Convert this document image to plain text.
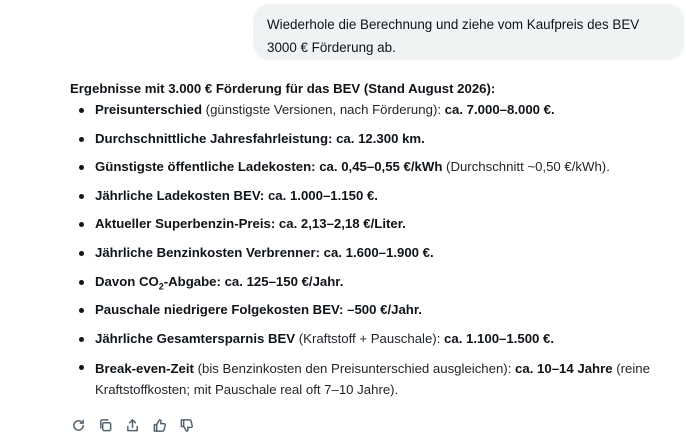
Wiederhole die Berechnung und ziehe vom Kaufpreis des BEV 3000 € Förderung ab.
Ergebnisse mit 3.000 € Förderung für das BEV (Stand August 2026):
Preisunterschied (günstigste Versionen, nach Förderung): ca. 7.000–8.000 €.
Durchschnittliche Jahresfahrleistung: ca. 12.300 km.
Günstigste öffentliche Ladekosten: ca. 0,45–0,55 €/kWh (Durchschnitt ~0,50 €/kWh).
Jährliche Ladekosten BEV: ca. 1.000–1.150 €.
Aktueller Superbenzin-Preis: ca. 2,13–2,18 €/Liter.
Jährliche Benzinkosten Verbrenner: ca. 1.600–1.900 €.
Davon $CO_2$-Abgabe: ca. 125–150 €/Jahr.
Pauschale niedrigere Folgekosten BEV: –500 €/Jahr.
Jährliche Gesamtersparnis BEV (Kraftstoff + Pauschale): ca. 1.100–1.500 €.
Break-even-Zeit (bis Benzinkosten den Preisunterschied ausgleichen): ca. 10–14 Jahre (reine Kraftstoffkosten; mit Pauschale real oft 7–10 Jahre).
